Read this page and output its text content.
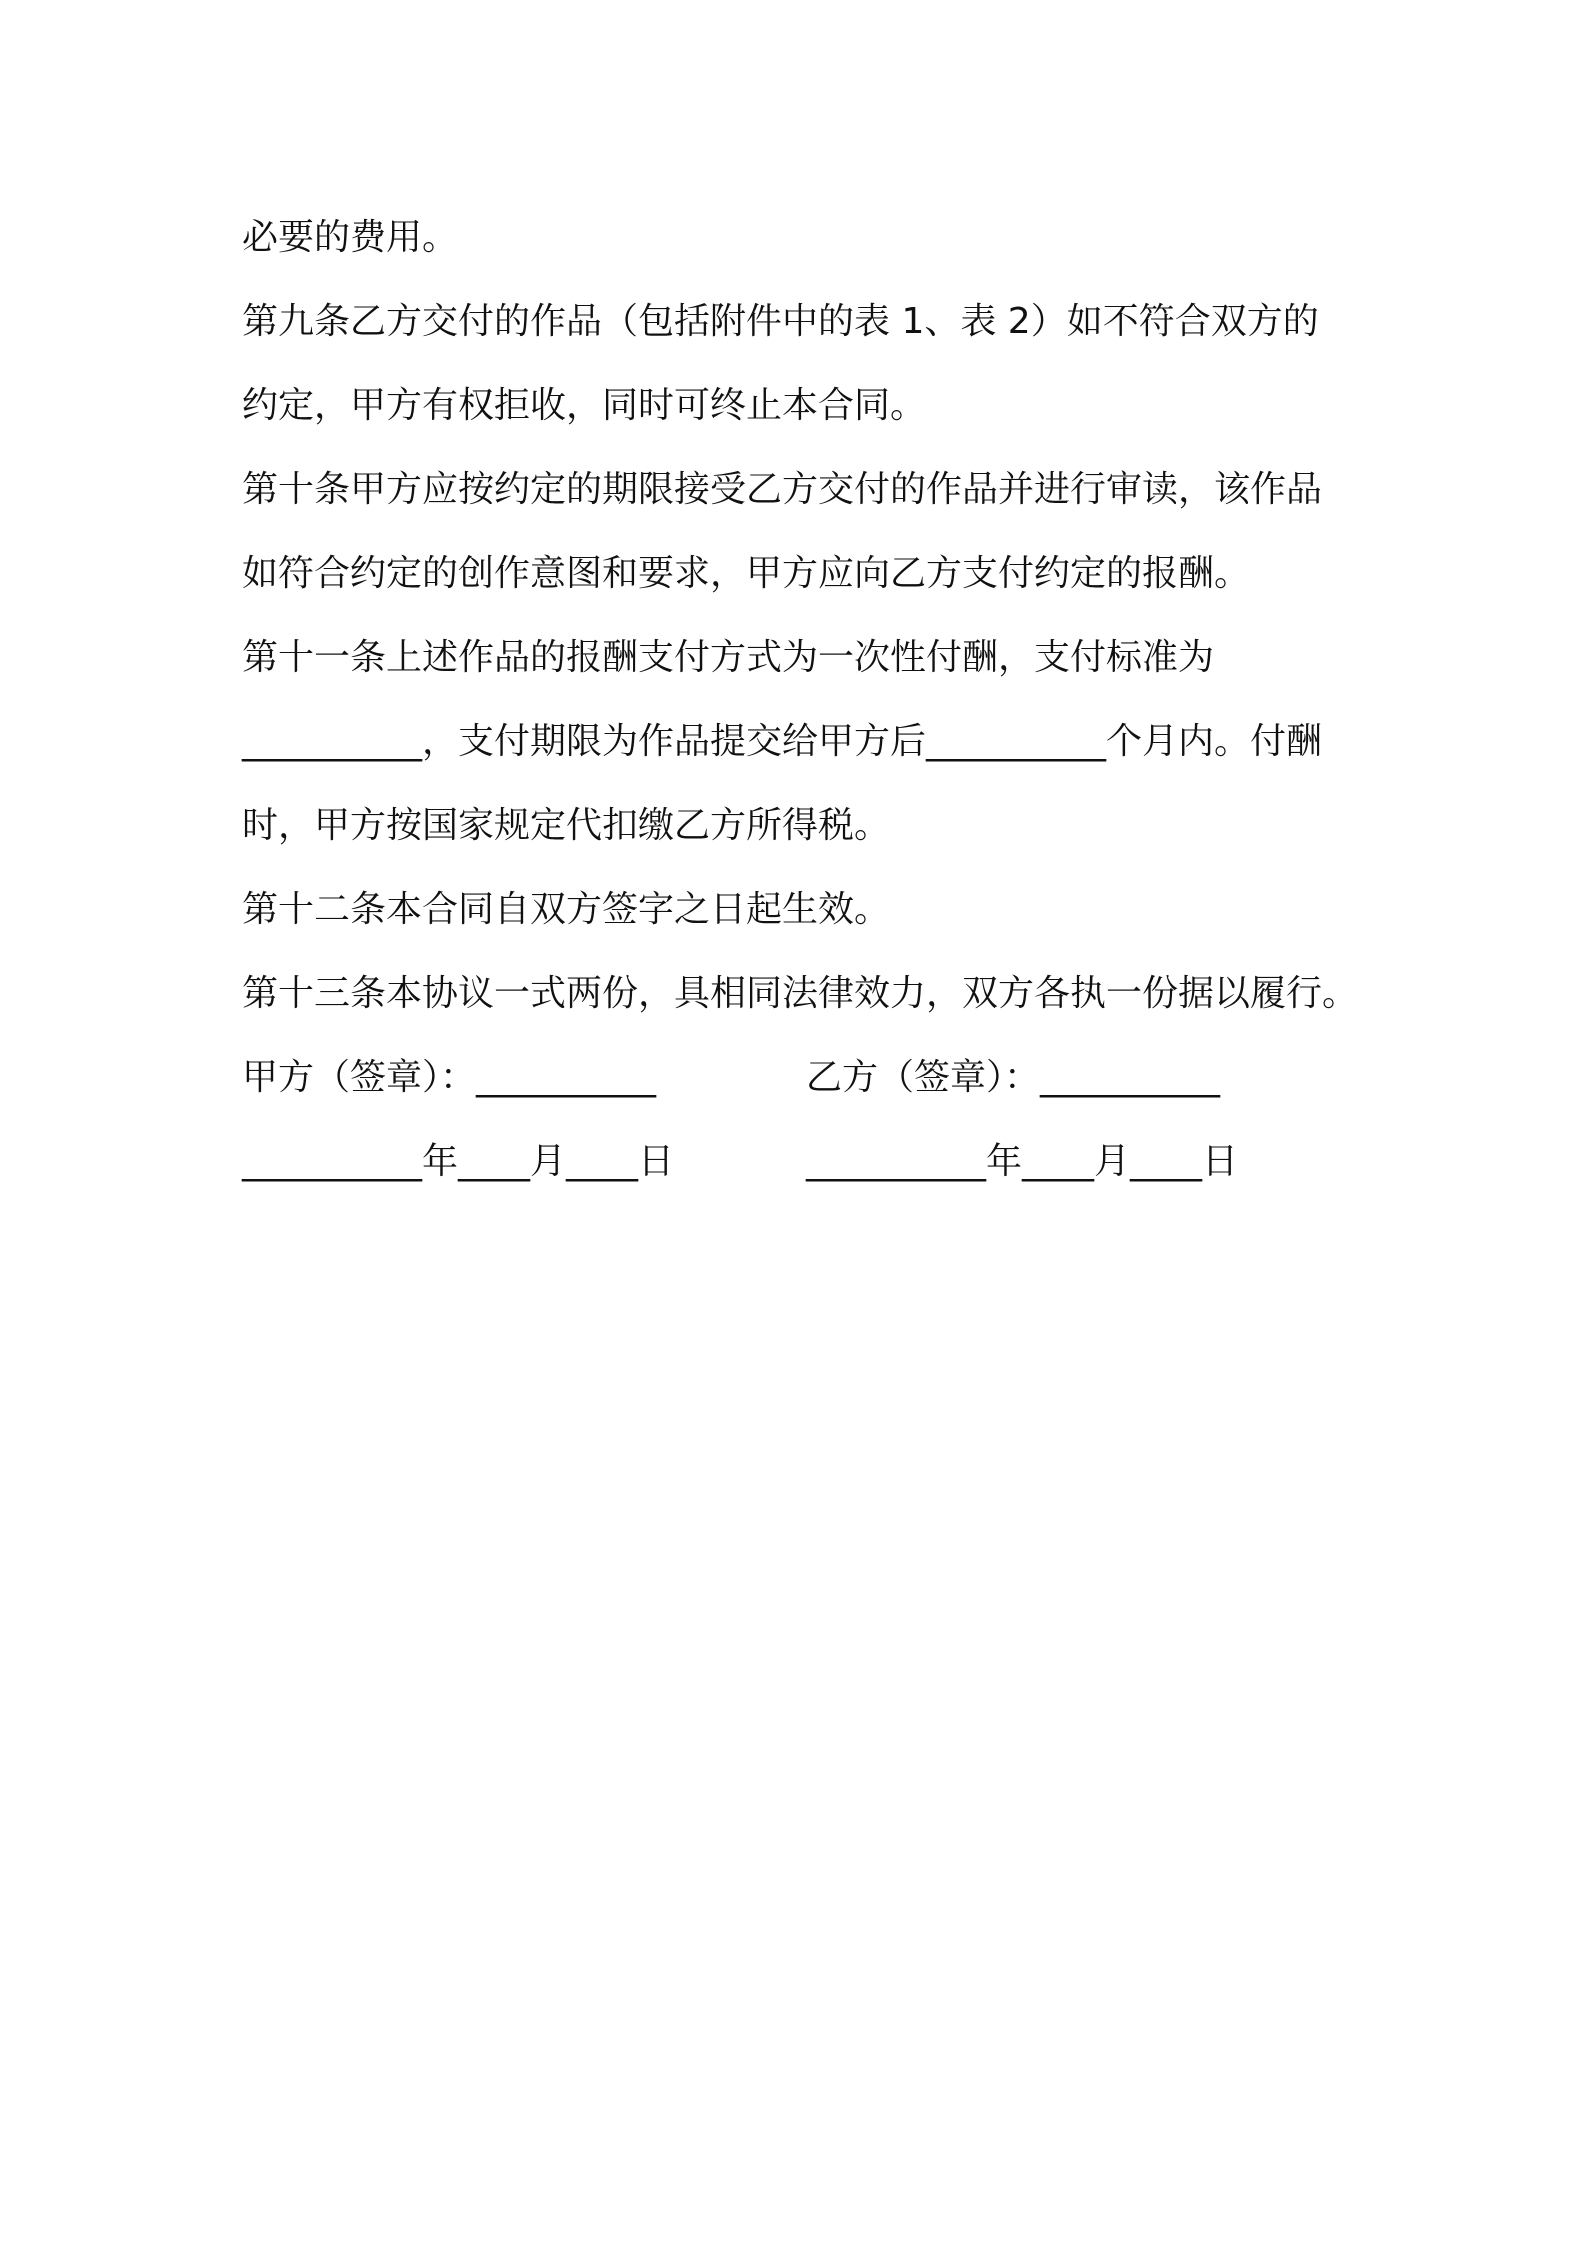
必要的费用。
第九条乙方交付的作品（包括附件中的表 1、表 2）如不符合双方的
约定，甲方有权拒收，同时可终止本合同。
第十条甲方应按约定的期限接受乙方交付的作品并进行审读，该作品
如符合约定的创作意图和要求，甲方应向乙方支付约定的报酬。
第十一条上述作品的报酬支付方式为一次性付酬，支付标准为
__________，支付期限为作品提交给甲方后__________个月内。付酬
时，甲方按国家规定代扣缴乙方所得税。
第十二条本合同自双方签字之日起生效。
第十三条本协议一式两份，具相同法律效力，双方各执一份据以履行。
甲方（签章）：__________	乙方（签章）：__________
__________年____月____日	__________年____月____日
